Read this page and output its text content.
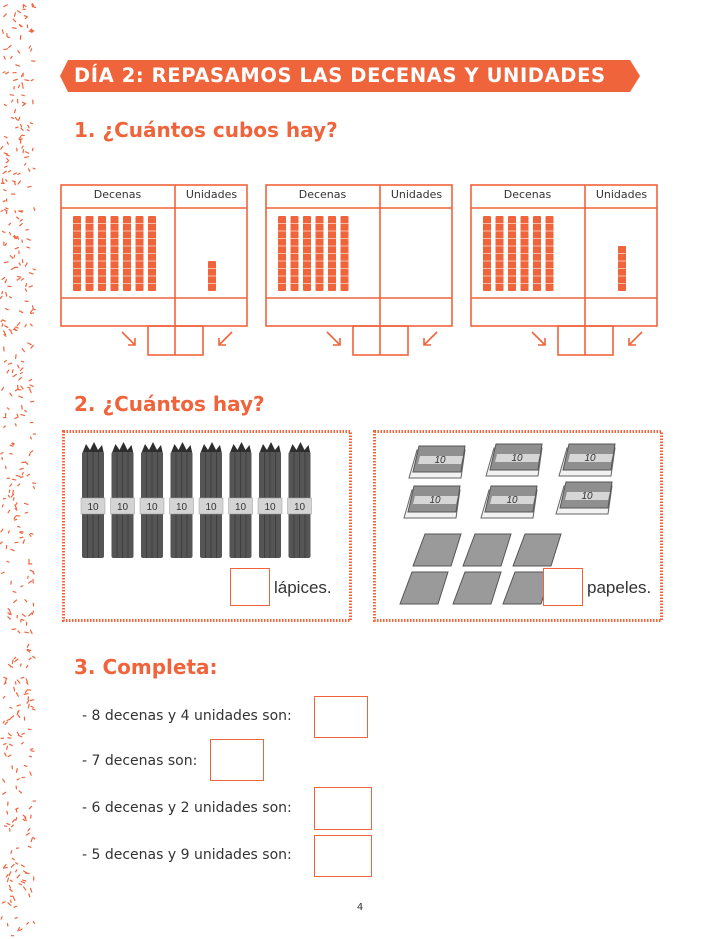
DÍA 2: REPASAMOS LAS DECENAS Y UNIDADES
1. ¿Cuántos cubos hay?
Decenas	Unidades	Decenas	Unidades	Decenas	Unidades
2. ¿Cuántos hay?
10 10 10 10 10 10 10 10
lápices.
10	10	10
10	10	10
papeles.
3. Completa:
- 8 decenas y 4 unidades son:
- 7 decenas son:
- 6 decenas y 2 unidades son:
- 5 decenas y 9 unidades son:
4
